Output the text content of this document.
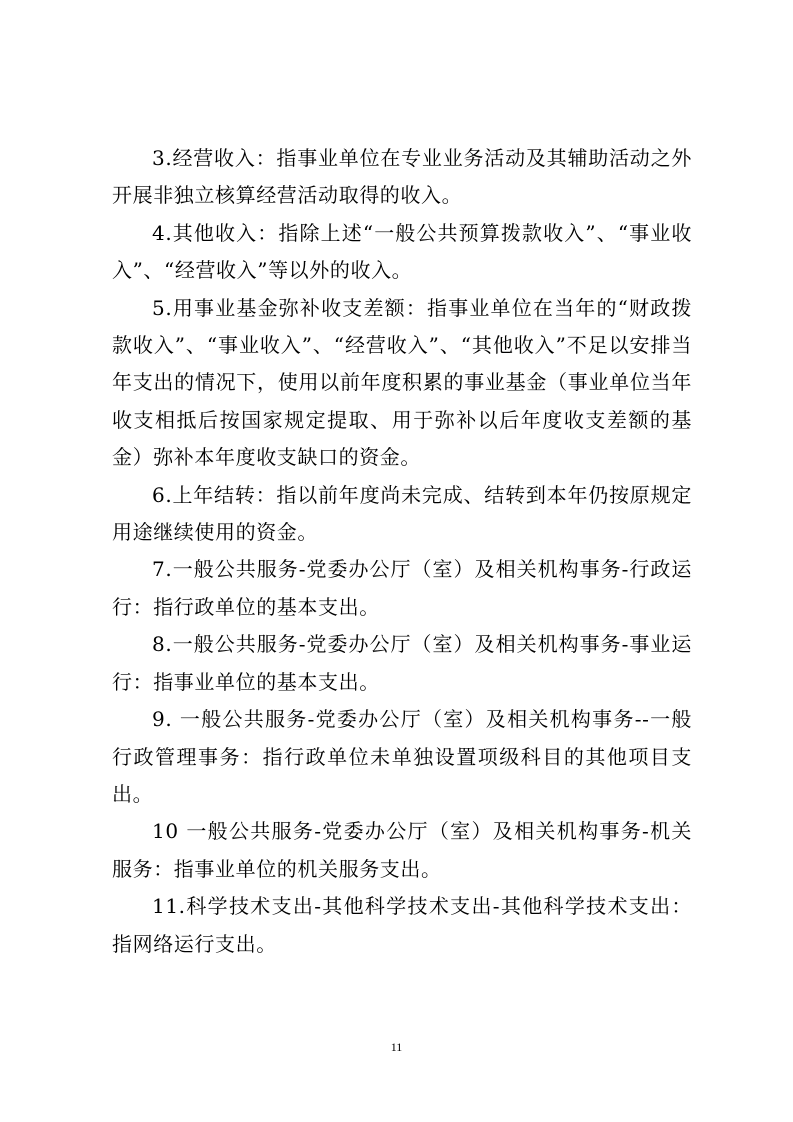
3.经营收入：指事业单位在专业业务活动及其辅助活动之外开展非独立核算经营活动取得的收入。

4.其他收入：指除上述“一般公共预算拨款收入”、“事业收入”、“经营收入”等以外的收入。

5.用事业基金弥补收支差额：指事业单位在当年的“财政拨款收入”、“事业收入”、“经营收入”、“其他收入”不足以安排当年支出的情况下，使用以前年度积累的事业基金（事业单位当年收支相抵后按国家规定提取、用于弥补以后年度收支差额的基金）弥补本年度收支缺口的资金。

6.上年结转：指以前年度尚未完成、结转到本年仍按原规定用途继续使用的资金。

7.一般公共服务-党委办公厅（室）及相关机构事务-行政运行：指行政单位的基本支出。

8.一般公共服务-党委办公厅（室）及相关机构事务-事业运行：指事业单位的基本支出。

9. 一般公共服务-党委办公厅（室）及相关机构事务--一般行政管理事务：指行政单位未单独设置项级科目的其他项目支出。

10 一般公共服务-党委办公厅（室）及相关机构事务-机关服务：指事业单位的机关服务支出。

11.科学技术支出-其他科学技术支出-其他科学技术支出：指网络运行支出。

11
